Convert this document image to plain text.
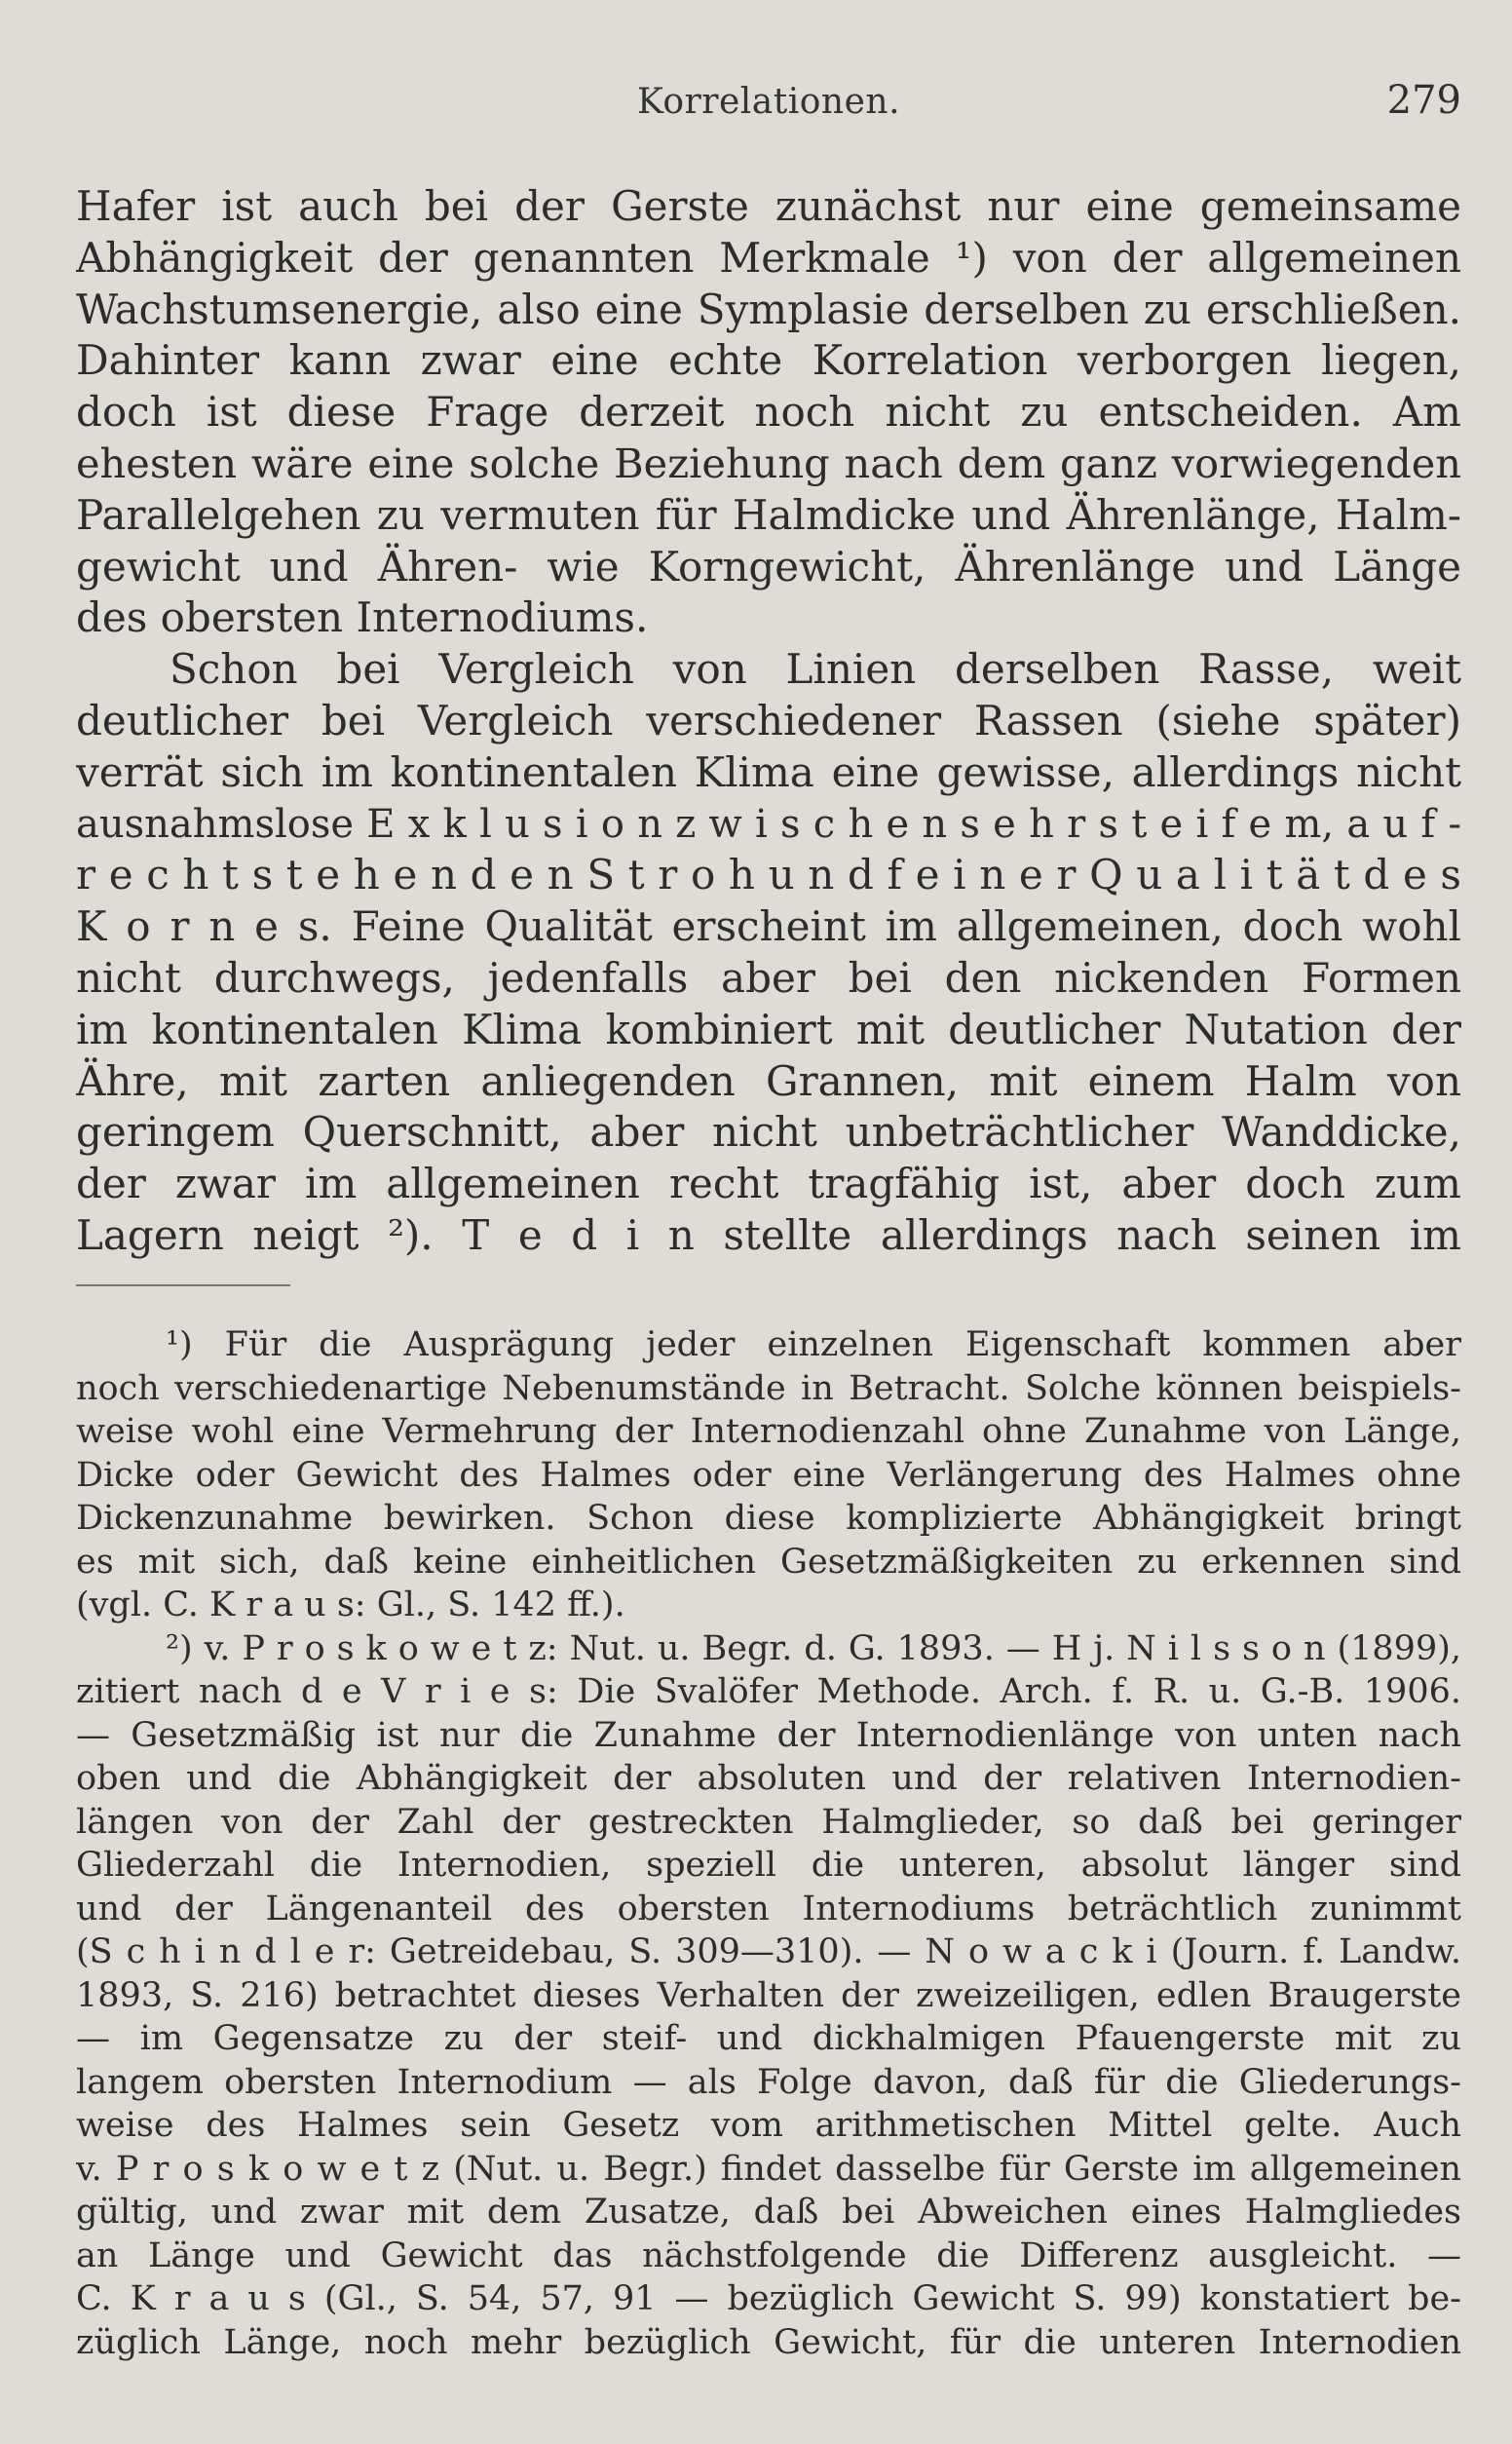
Korrelationen.	279
Hafer ist auch bei der Gerste zunächst nur eine gemeinsame
Abhängigkeit der genannten Merkmale ¹) von der allgemeinen
Wachstumsenergie, also eine Symplasie derselben zu erschließen.
Dahinter kann zwar eine echte Korrelation verborgen liegen,
doch ist diese Frage derzeit noch nicht zu entscheiden. Am
ehesten wäre eine solche Beziehung nach dem ganz vorwiegenden
Parallelgehen zu vermuten für Halmdicke und Ährenlänge, Halm-
gewicht und Ähren- wie Korngewicht, Ährenlänge und Länge
des obersten Internodiums.
Schon bei Vergleich von Linien derselben Rasse, weit
deutlicher bei Vergleich verschiedener Rassen (siehe später)
verrät sich im kontinentalen Klima eine gewisse, allerdings nicht
ausnahmslose E x k l u s i o n z w i s c h e n s e h r s t e i f e m, a u f -
r e c h t s t e h e n d e n S t r o h u n d f e i n e r Q u a l i t ä t d e s
K o r n e s. Feine Qualität erscheint im allgemeinen, doch wohl
nicht durchwegs, jedenfalls aber bei den nickenden Formen
im kontinentalen Klima kombiniert mit deutlicher Nutation der
Ähre, mit zarten anliegenden Grannen, mit einem Halm von
geringem Querschnitt, aber nicht unbeträchtlicher Wanddicke,
der zwar im allgemeinen recht tragfähig ist, aber doch zum
Lagern neigt ²). T e d i n stellte allerdings nach seinen im
¹) Für die Ausprägung jeder einzelnen Eigenschaft kommen aber
noch verschiedenartige Nebenumstände in Betracht. Solche können beispiels-
weise wohl eine Vermehrung der Internodienzahl ohne Zunahme von Länge,
Dicke oder Gewicht des Halmes oder eine Verlängerung des Halmes ohne
Dickenzunahme bewirken. Schon diese komplizierte Abhängigkeit bringt
es mit sich, daß keine einheitlichen Gesetzmäßigkeiten zu erkennen sind
(vgl. C. K r a u s: Gl., S. 142 ff.).
²) v. P r o s k o w e t z: Nut. u. Begr. d. G. 1893. — H j. N i l s s o n (1899),
zitiert nach d e V r i e s: Die Svalöfer Methode. Arch. f. R. u. G.-B. 1906.
— Gesetzmäßig ist nur die Zunahme der Internodienlänge von unten nach
oben und die Abhängigkeit der absoluten und der relativen Internodien-
längen von der Zahl der gestreckten Halmglieder, so daß bei geringer
Gliederzahl die Internodien, speziell die unteren, absolut länger sind
und der Längenanteil des obersten Internodiums beträchtlich zunimmt
(S c h i n d l e r: Getreidebau, S. 309—310). — N o w a c k i (Journ. f. Landw.
1893, S. 216) betrachtet dieses Verhalten der zweizeiligen, edlen Braugerste
— im Gegensatze zu der steif- und dickhalmigen Pfauengerste mit zu
langem obersten Internodium — als Folge davon, daß für die Gliederungs-
weise des Halmes sein Gesetz vom arithmetischen Mittel gelte. Auch
v. P r o s k o w e t z (Nut. u. Begr.) findet dasselbe für Gerste im allgemeinen
gültig, und zwar mit dem Zusatze, daß bei Abweichen eines Halmgliedes
an Länge und Gewicht das nächstfolgende die Differenz ausgleicht. —
C. K r a u s (Gl., S. 54, 57, 91 — bezüglich Gewicht S. 99) konstatiert be-
züglich Länge, noch mehr bezüglich Gewicht, für die unteren Internodien
